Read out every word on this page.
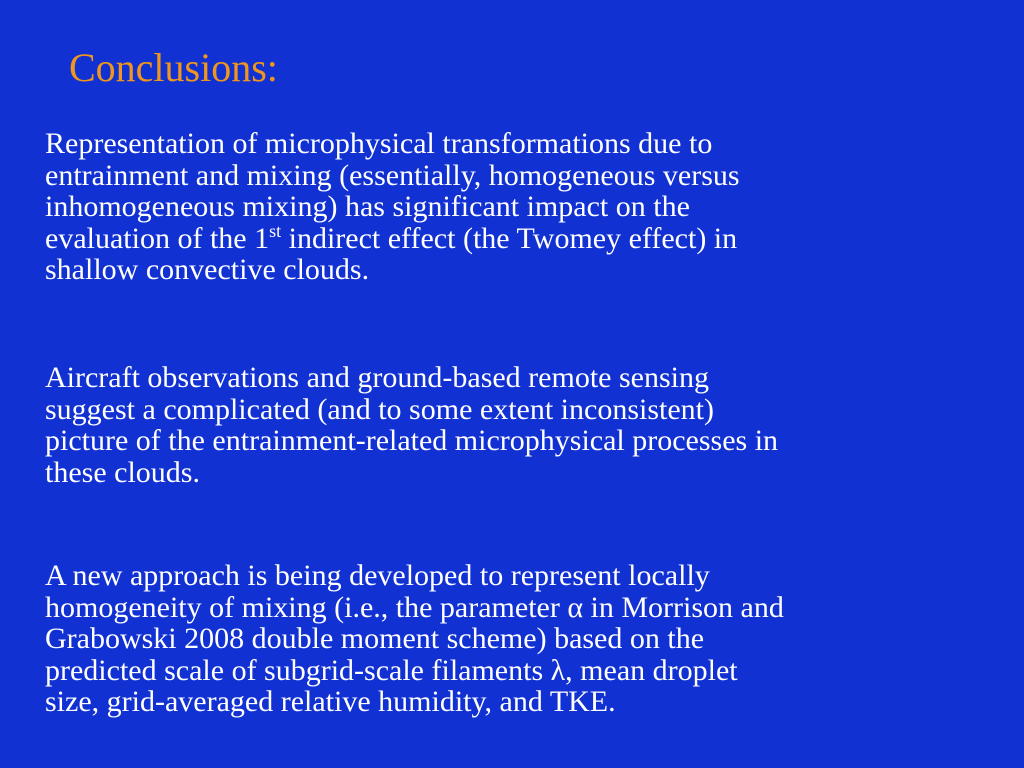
Conclusions:

Representation of microphysical transformations due to
entrainment and mixing (essentially, homogeneous versus
inhomogeneous mixing) has significant impact on the
evaluation of the 1st indirect effect (the Twomey effect) in
shallow convective clouds.

Aircraft observations and ground-based remote sensing
suggest a complicated (and to some extent inconsistent)
picture of the entrainment-related microphysical processes in
these clouds.

A new approach is being developed to represent locally
homogeneity of mixing (i.e., the parameter α in Morrison and
Grabowski 2008 double moment scheme) based on the
predicted scale of subgrid-scale filaments λ, mean droplet
size, grid-averaged relative humidity, and TKE.
